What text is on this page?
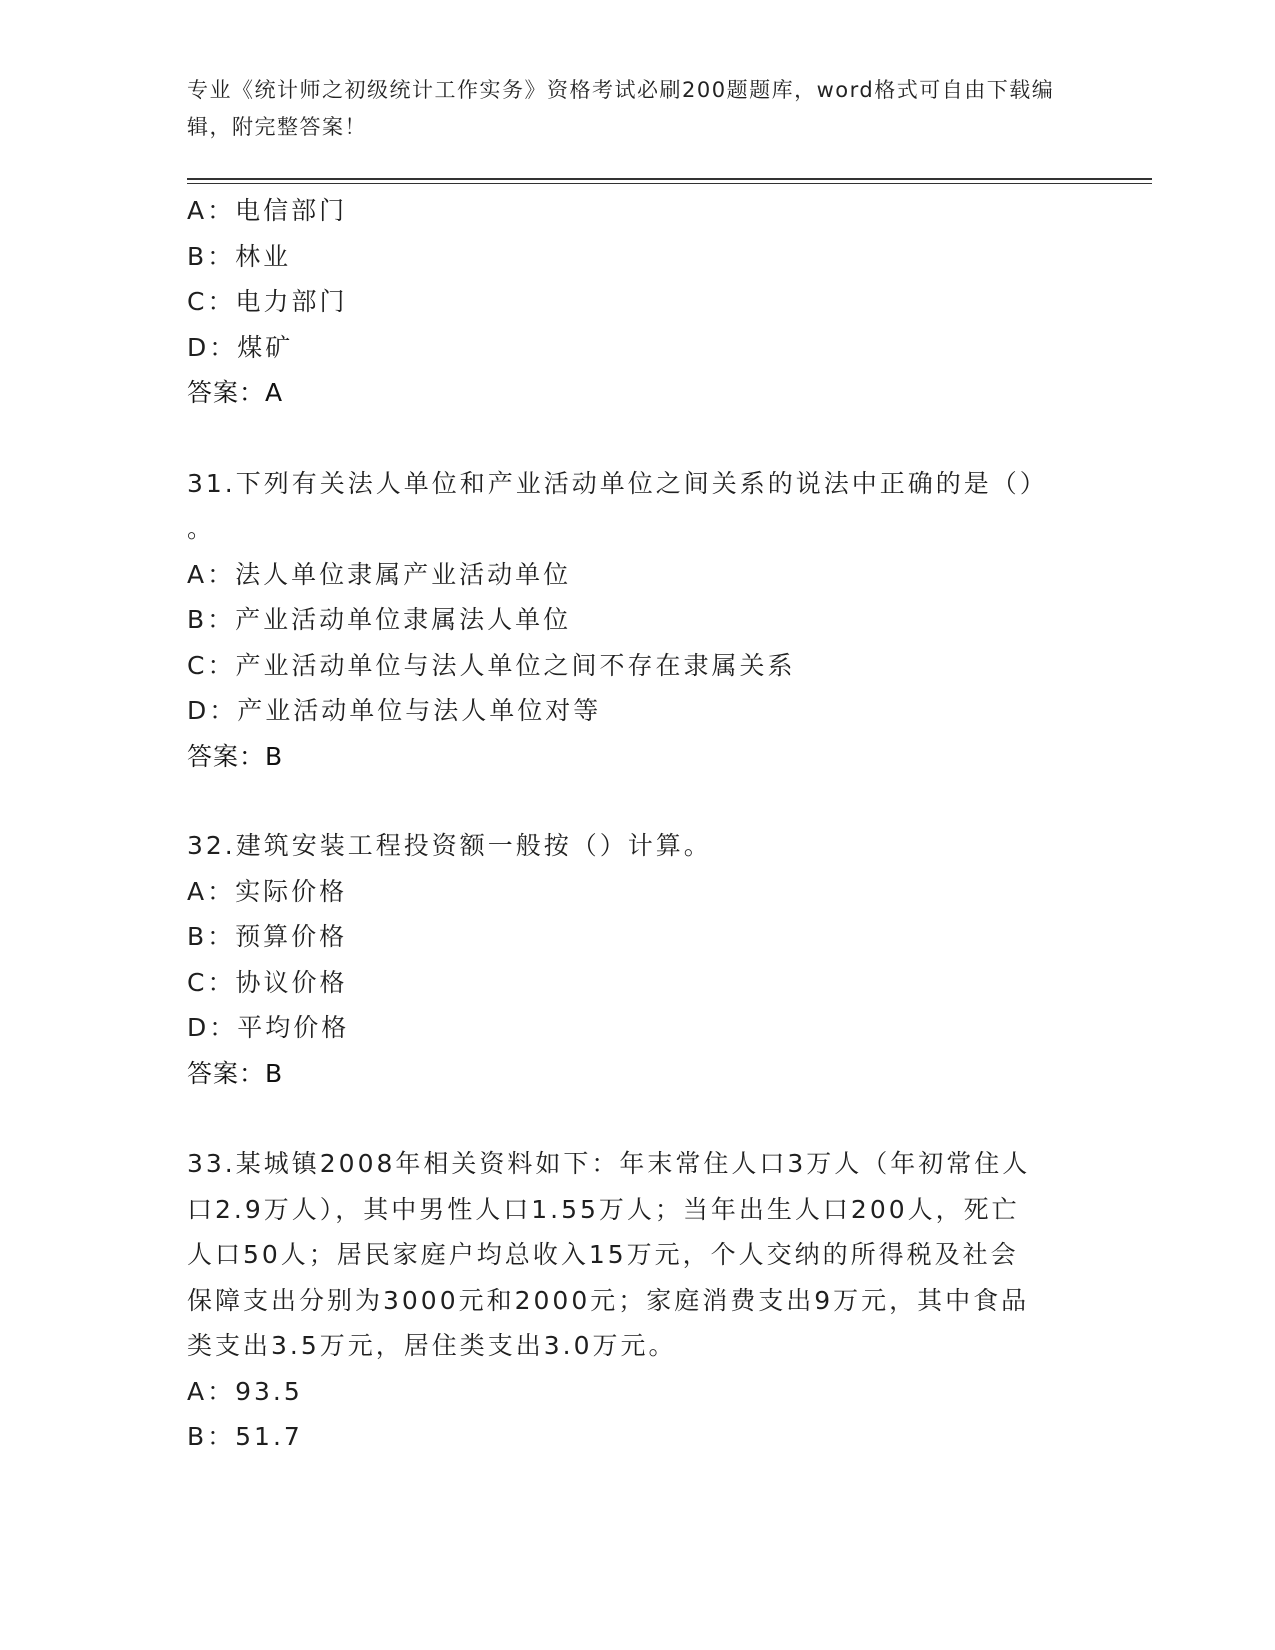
专业《统计师之初级统计工作实务》资格考试必刷200题题库，word格式可自由下载编辑，附完整答案！
A：电信部门
B：林业
C：电力部门
D：煤矿
答案：A
31.下列有关法人单位和产业活动单位之间关系的说法中正确的是（）
。
A：法人单位隶属产业活动单位
B：产业活动单位隶属法人单位
C：产业活动单位与法人单位之间不存在隶属关系
D：产业活动单位与法人单位对等
答案：B
32.建筑安装工程投资额一般按（）计算。
A：实际价格
B：预算价格
C：协议价格
D：平均价格
答案：B
33.某城镇2008年相关资料如下：年末常住人口3万人（年初常住人
口2.9万人），其中男性人口1.55万人；当年出生人口200人，死亡
人口50人；居民家庭户均总收入15万元，个人交纳的所得税及社会
保障支出分别为3000元和2000元；家庭消费支出9万元，其中食品
类支出3.5万元，居住类支出3.0万元。
A：93.5
B：51.7
